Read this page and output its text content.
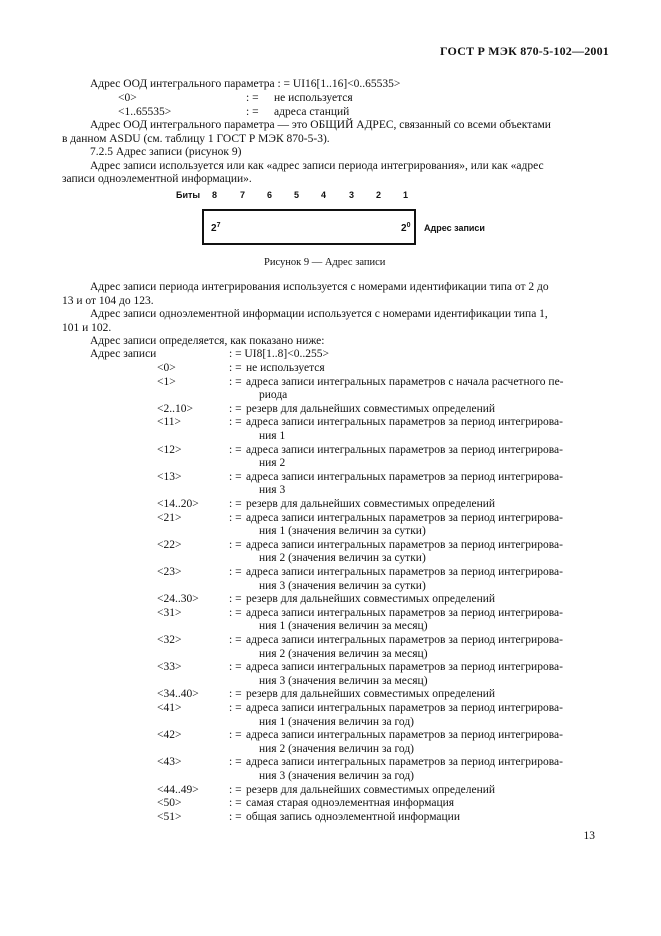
ГОСТ Р МЭК 870-5-102—2001
Адрес ООД интегрального параметра : = UI16[1..16]<0..65535>
<0>	: = не используется
<1..65535>	: = адреса станций
Адрес ООД интегрального параметра — это ОБЩИЙ АДРЕС, связанный со всеми объектами
в данном ASDU (см. таблицу 1 ГОСТ Р МЭК 870-5-3).
7.2.5 Адрес записи (рисунок 9)
Адрес записи используется или как «адрес записи периода интегрирования», или как «адрес
записи одноэлементной информации».
Биты 8	7 6 5 4	3 2 1
$2^7$	$2^0$ Адрес записи
Рисунок 9 — Адрес записи
Адрес записи периода интегрирования используется с номерами идентификации типа от 2 до
13 и от 104 до 123.
Адрес записи одноэлементной информации используется с номерами идентификации типа 1,
101 и 102.
Адрес записи определяется, как показано ниже:
Адрес записи	: = UI8[1..8]<0..255>
<0>	: = не используется
<1>	: = адреса записи интегральных параметров с начала расчетного пе-
риода
<2..10>	: = резерв для дальнейших совместимых определений
<11>	: = адреса записи интегральных параметров за период интегрирова-
ния 1
<12>	: = адреса записи интегральных параметров за период интегрирова-
ния 2
<13>	: = адреса записи интегральных параметров за период интегрирова-
ния 3
<14..20>	: = резерв для дальнейших совместимых определений
<21>	: = адреса записи интегральных параметров за период интегрирова-
ния 1 (значения величин за сутки)
<22>	: = адреса записи интегральных параметров за период интегрирова-
ния 2 (значения величин за сутки)
<23>	: = адреса записи интегральных параметров за период интегрирова-
ния 3 (значения величин за сутки)
<24..30>	: = резерв для дальнейших совместимых определений
<31>	: = адреса записи интегральных параметров за период интегрирова-
ния 1 (значения величин за месяц)
<32>	: = адреса записи интегральных параметров за период интегрирова-
ния 2 (значения величин за месяц)
<33>	: = адреса записи интегральных параметров за период интегрирова-
ния 3 (значения величин за месяц)
<34..40>	: = резерв для дальнейших совместимых определений
<41>	: = адреса записи интегральных параметров за период интегрирова-
ния 1 (значения величин за год)
<42>	: = адреса записи интегральных параметров за период интегрирова-
ния 2 (значения величин за год)
<43>	: = адреса записи интегральных параметров за период интегрирова-
ния 3 (значения величин за год)
<44..49>	: = резерв для дальнейших совместимых определений
<50>	: = самая старая одноэлементная информация
<51>	: = общая запись одноэлементной информации
13
